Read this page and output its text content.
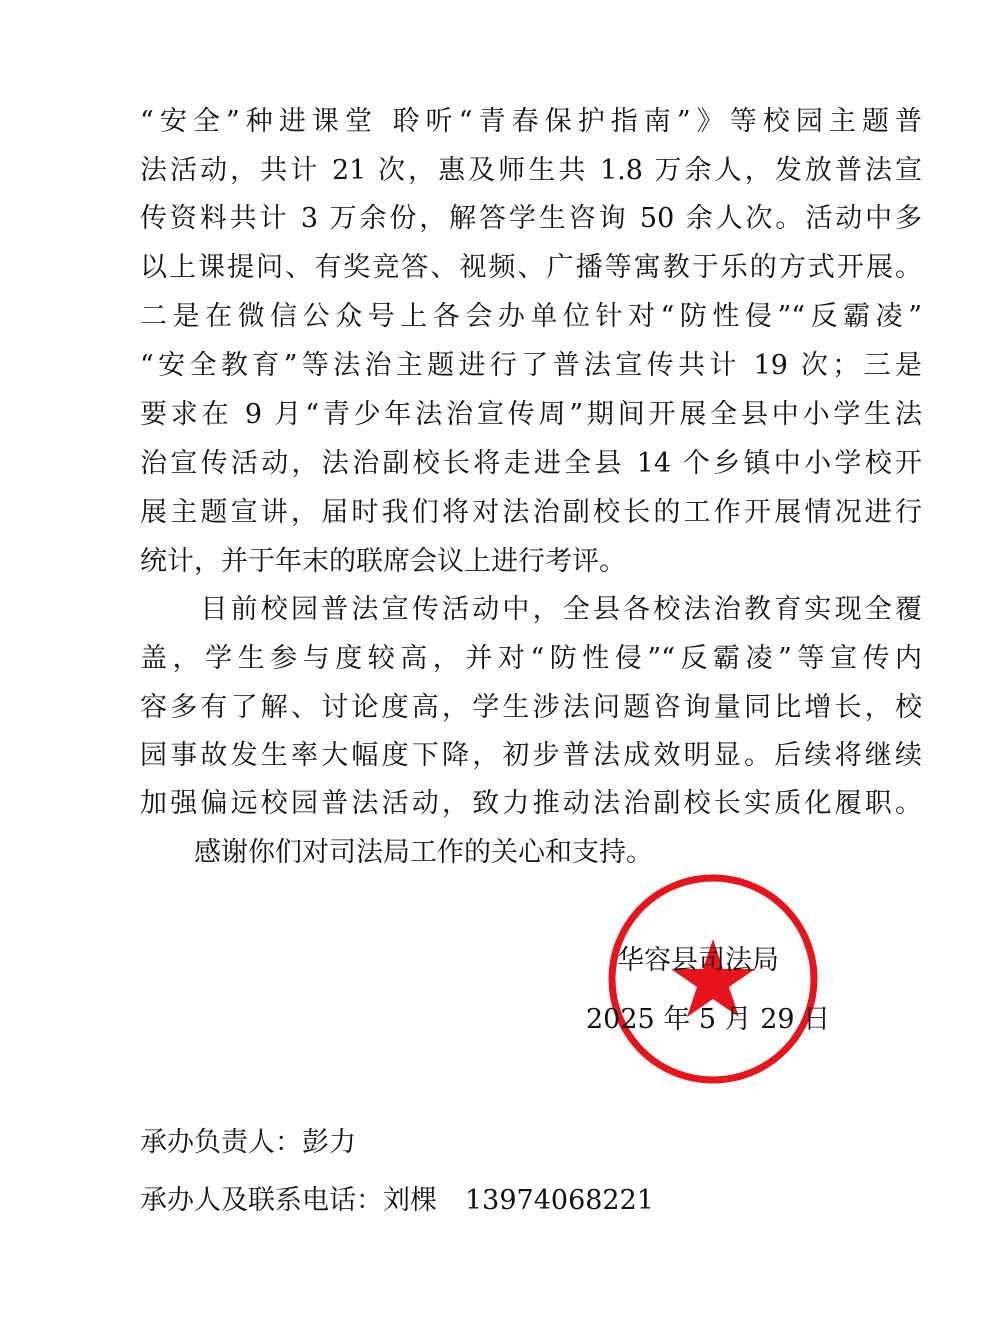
“安全”种进课堂 聆听“青春保护指南”》等校园主题普
法活动，共计 21 次，惠及师生共 1.8 万余人，发放普法宣
传资料共计 3 万余份，解答学生咨询 50 余人次。活动中多
以上课提问、有奖竞答、视频、广播等寓教于乐的方式开展。
二是在微信公众号上各会办单位针对“防性侵”“反霸凌”
“安全教育”等法治主题进行了普法宣传共计 19 次；三是
要求在 9 月“青少年法治宣传周”期间开展全县中小学生法
治宣传活动，法治副校长将走进全县 14 个乡镇中小学校开
展主题宣讲，届时我们将对法治副校长的工作开展情况进行
统计，并于年末的联席会议上进行考评。
　　目前校园普法宣传活动中，全县各校法治教育实现全覆
盖，学生参与度较高，并对“防性侵”“反霸凌”等宣传内
容多有了解、讨论度高，学生涉法问题咨询量同比增长，校
园事故发生率大幅度下降，初步普法成效明显。后续将继续
加强偏远校园普法活动，致力推动法治副校长实质化履职。
　　感谢你们对司法局工作的关心和支持。
华容县司法局
2025 年 5 月 29 日
承办负责人：彭力
承办人及联系电话：刘棵 13974068221
